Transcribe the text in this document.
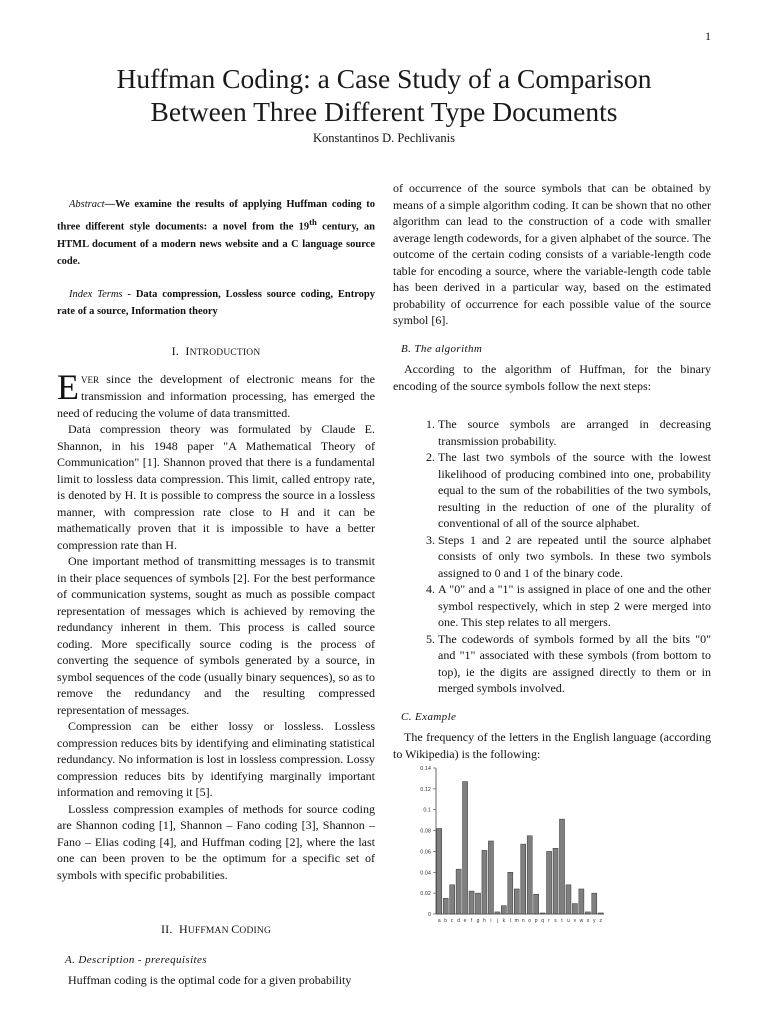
1
Huffman Coding: a Case Study of a Comparison
Between Three Different Type Documents
Konstantinos D. Pechlivanis

Abstract—We examine the results of applying Huffman coding to three different style documents: a novel from the 19th century, an HTML document of a modern news website and a C language source code.

Index Terms - Data compression, Lossless source coding, Entropy rate of a source, Information theory

I. INTRODUCTION

EVER since the development of electronic means for the transmission and information processing, has emerged the need of reducing the volume of data transmitted.

Data compression theory was formulated by Claude E. Shannon, in his 1948 paper "A Mathematical Theory of Communication" [1]. Shannon proved that there is a fundamental limit to lossless data compression. This limit, called entropy rate, is denoted by H. It is possible to compress the source in a lossless manner, with compression rate close to H and it can be mathematically proven that it is impossible to have a better compression rate than H.

One important method of transmitting messages is to transmit in their place sequences of symbols [2]. For the best performance of communication systems, sought as much as possible compact representation of messages which is achieved by removing the redundancy inherent in them. This process is called source coding. More specifically source coding is the process of converting the sequence of symbols generated by a source, in symbol sequences of the code (usually binary sequences), so as to remove the redundancy and the resulting compressed representation of messages.

Compression can be either lossy or lossless. Lossless compression reduces bits by identifying and eliminating statistical redundancy. No information is lost in lossless compression. Lossy compression reduces bits by identifying marginally important information and removing it [5].

Lossless compression examples of methods for source coding are Shannon coding [1], Shannon – Fano coding [3], Shannon – Fano – Elias coding [4], and Huffman coding [2], where the last one can been proven to be the optimum for a specific set of symbols with specific probabilities.

II. HUFFMAN CODING
A. Description - prerequisites

Huffman coding is the optimal code for a given probability

of occurrence of the source symbols that can be obtained by means of a simple algorithm coding. It can be shown that no other algorithm can lead to the construction of a code with smaller average length codewords, for a given alphabet of the source. The outcome of the certain coding consists of a variable-length code table for encoding a source, where the variable-length code table has been derived in a particular way, based on the estimated probability of occurrence for each possible value of the source symbol [6].

B. The algorithm

According to the algorithm of Huffman, for the binary encoding of the source symbols follow the next steps:

1. The source symbols are arranged in decreasing transmission probability.
2. The last two symbols of the source with the lowest likelihood of producing combined into one, probability equal to the sum of the robabilities of the two symbols, resulting in the reduction of one of the plurality of conventional of all of the source alphabet.
3. Steps 1 and 2 are repeated until the source alphabet consists of only two symbols. In these two symbols assigned to 0 and 1 of the binary code.
4. A "0" and a "1" is assigned in place of one and the other symbol respectively, which in step 2 were merged into one. This step relates to all mergers.
5. The codewords of symbols formed by all the bits "0" and "1" associated with these symbols (from bottom to top), ie the digits are assigned directly to them or in merged symbols involved.
C. Example

The frequency of the letters in the English language (according to Wikipedia) is the following:

0
0.02
0.04
0.06
0.08
0.1
0.12
0.14
a b c d e f g h i j k l m n o p q r s t u v w x y z
